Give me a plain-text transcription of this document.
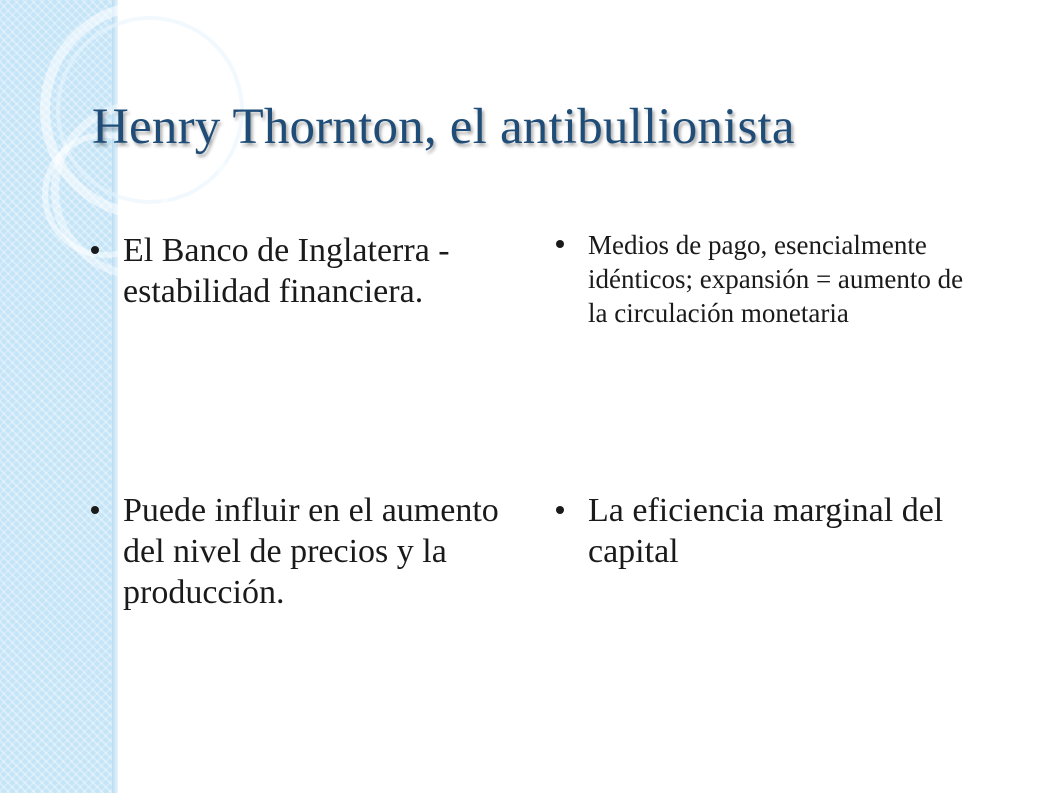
Henry Thornton, el antibullionista
El Banco de Inglaterra - estabilidad financiera.
Puede influir en el aumento del nivel de precios y la producción.
Medios de pago, esencialmente idénticos; expansión = aumento de la circulación monetaria
La eficiencia marginal del capital
